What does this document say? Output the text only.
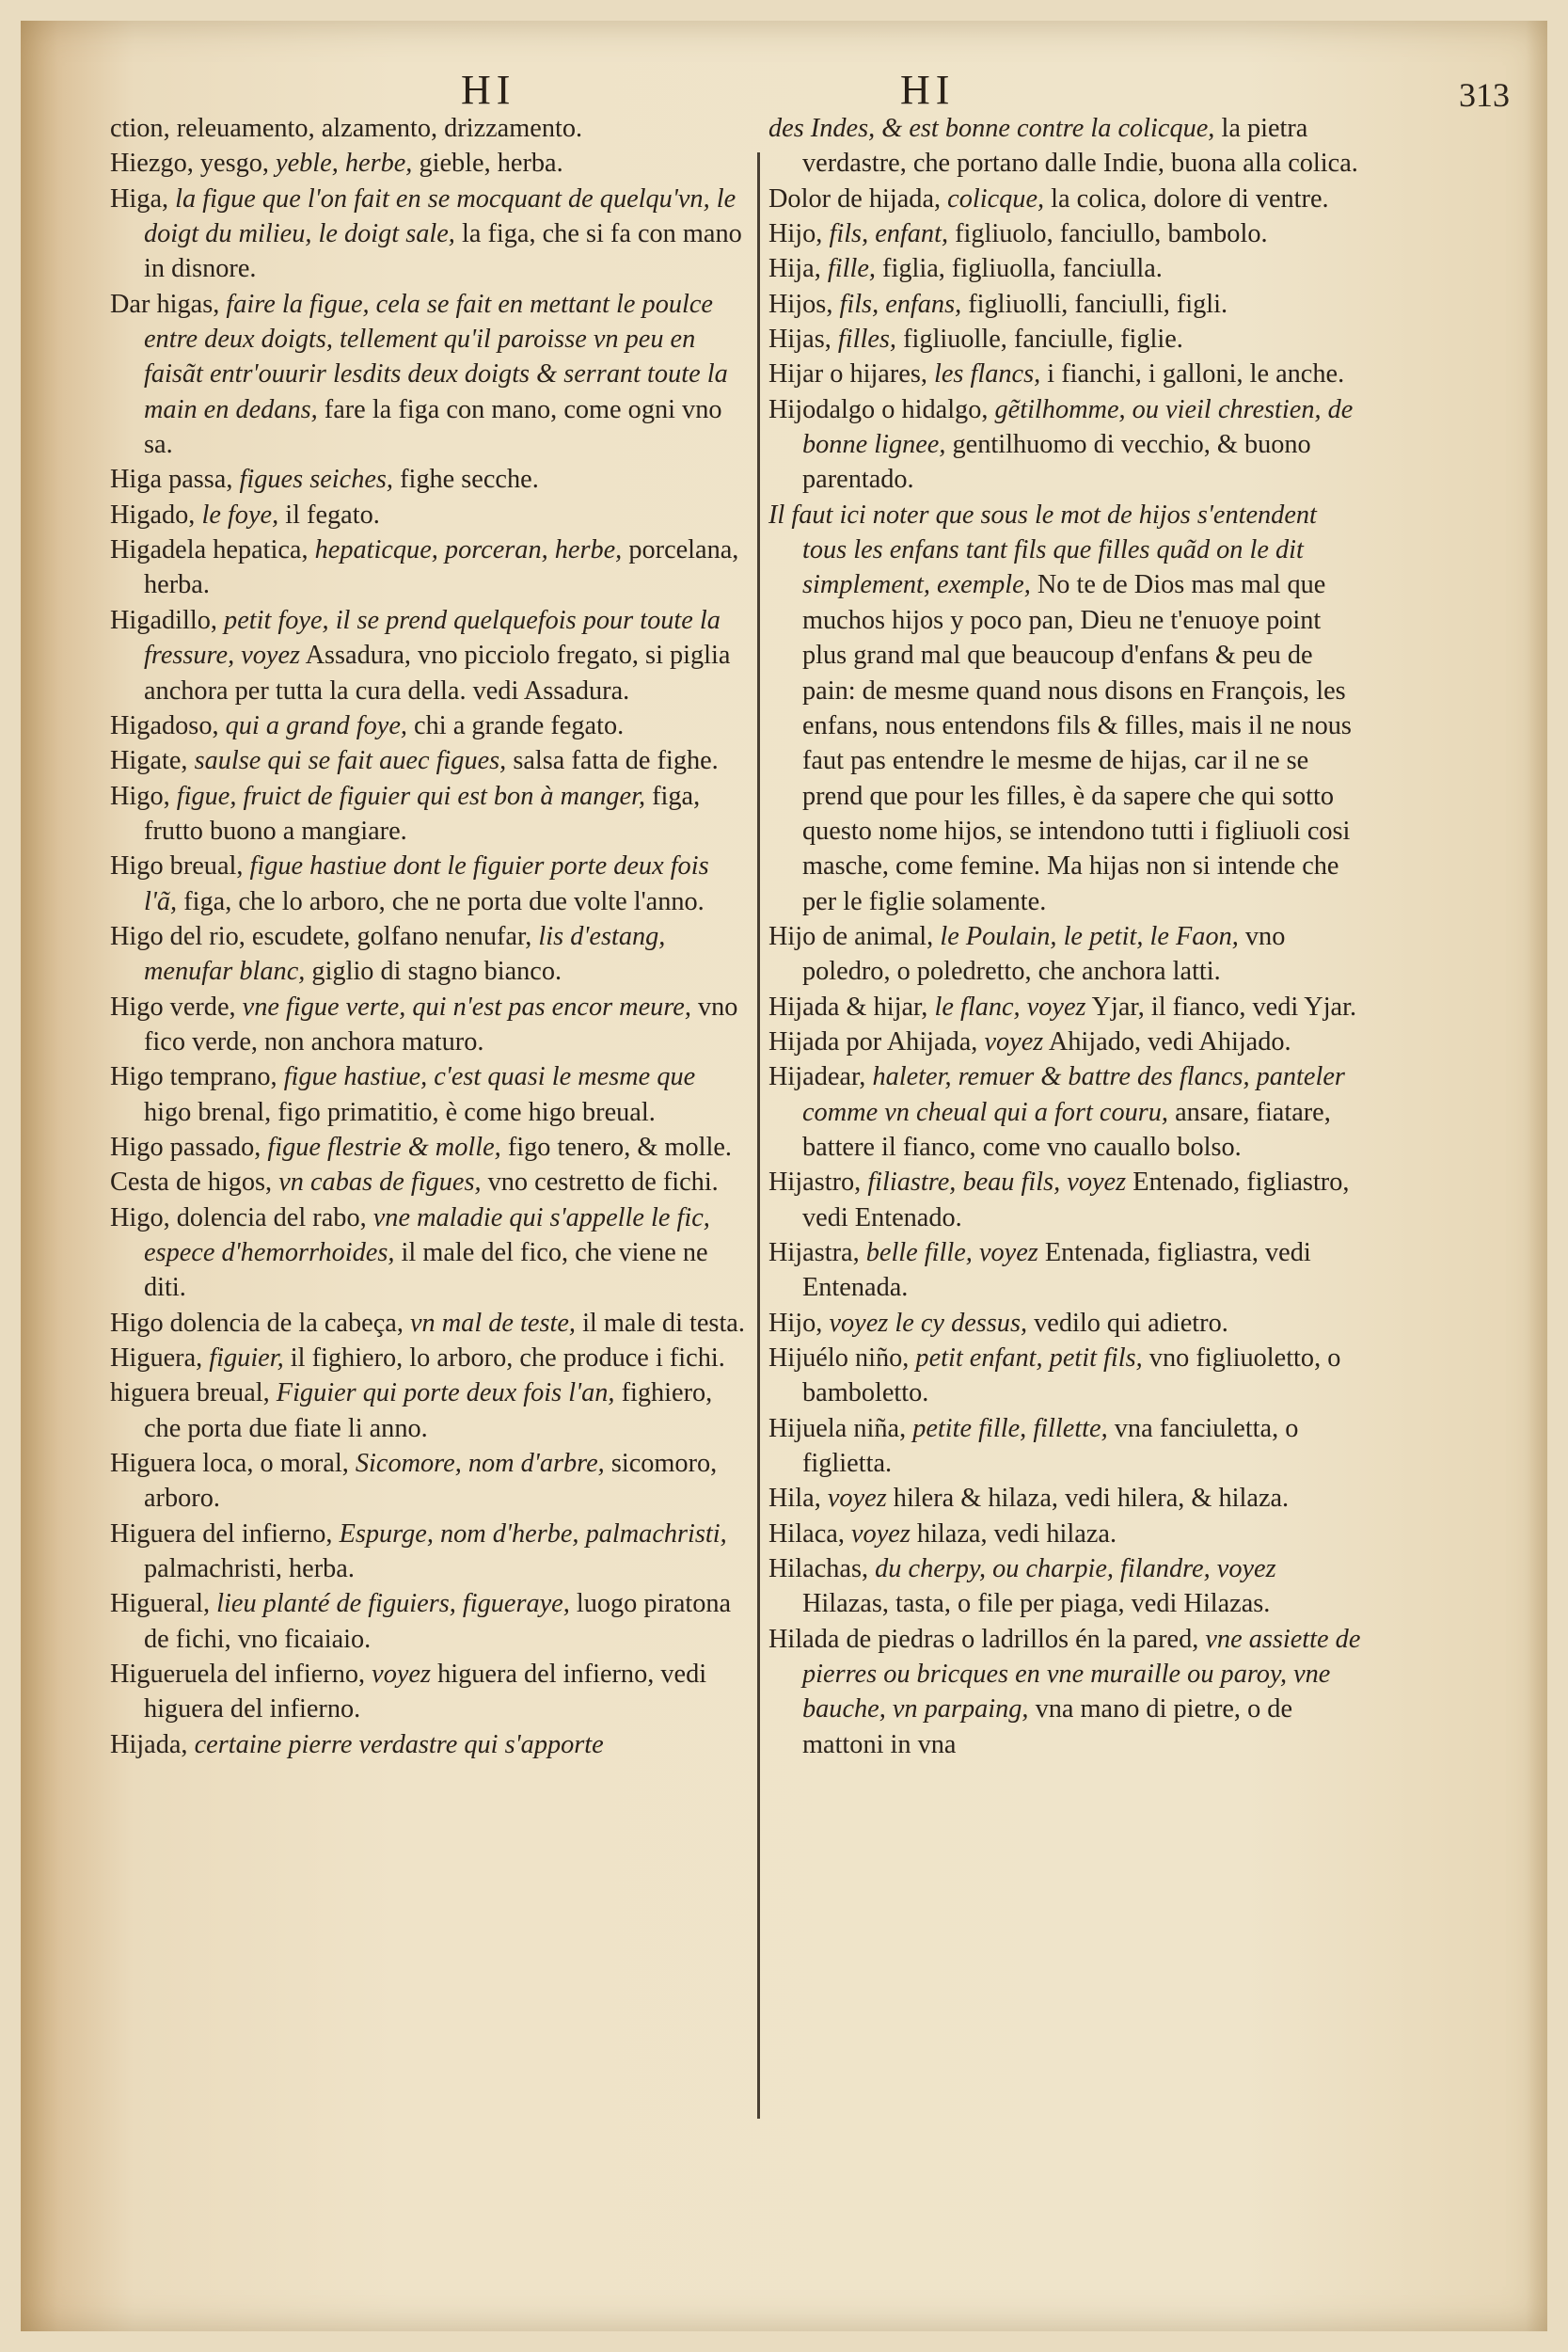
HI	HI	313

ction, releuamento, alzamento, drizzamento.

Hiezgo, yesgo, yeble, herbe, gieble, herba.

Higa, la figue que l'on fait en se mocquant de quelqu'vn, le doigt du milieu, le doigt sale, la figa, che si fa con mano in disnore.

Dar higas, faire la figue, cela se fait en mettant le poulce entre deux doigts, tellement qu'il paroisse vn peu en faisãt entr'ouurir lesdits deux doigts & serrant toute la main en dedans, fare la figa con mano, come ogni vno sa.

Higa passa, figues seiches, fighe secche.

Higado, le foye, il fegato.

Higadela hepatica, hepaticque, porceran, herbe, porcelana, herba.

Higadillo, petit foye, il se prend quelquefois pour toute la fressure, voyez Assadura, vno picciolo fregato, si piglia anchora per tutta la cura della. vedi Assadura.

Higadoso, qui a grand foye, chi a grande fegato.

Higate, saulse qui se fait auec figues, salsa fatta de fighe.

Higo, figue, fruict de figuier qui est bon à manger, figa, frutto buono a mangiare.

Higo breual, figue hastiue dont le figuier porte deux fois l'ã, figa, che lo arboro, che ne porta due volte l'anno.

Higo del rio, escudete, golfano nenufar, lis d'estang, menufar blanc, giglio di stagno bianco.

Higo verde, vne figue verte, qui n'est pas encor meure, vno fico verde, non anchora maturo.

Higo temprano, figue hastiue, c'est quasi le mesme que higo brenal, figo primatitio, è come higo breual.

Higo passado, figue flestrie & molle, figo tenero, & molle.

Cesta de higos, vn cabas de figues, vno cestretto de fichi.

Higo, dolencia del rabo, vne maladie qui s'appelle le fic, espece d'hemorrhoides, il male del fico, che viene ne diti.

Higo dolencia de la cabeça, vn mal de teste, il male di testa.

Higuera, figuier, il fighiero, lo arboro, che produce i fichi.

higuera breual, Figuier qui porte deux fois l'an, fighiero, che porta due fiate li anno.

Higuera loca, o moral, Sicomore, nom d'arbre, sicomoro, arboro.

Higuera del infierno, Espurge, nom d'herbe, palmachristi, palmachristi, herba.

Higueral, lieu planté de figuiers, figueraye, luogo piratona de fichi, vno ficaiaio.

Higueruela del infierno, voyez higuera del infierno, vedi higuera del infierno.

Hijada, certaine pierre verdastre qui s'apporte

des Indes, & est bonne contre la colicque, la pietra verdastre, che portano dalle Indie, buona alla colica.

Dolor de hijada, colicque, la colica, dolore di ventre.

Hijo, fils, enfant, figliuolo, fanciullo, bambolo.

Hija, fille, figlia, figliuolla, fanciulla.

Hijos, fils, enfans, figliuolli, fanciulli, figli.

Hijas, filles, figliuolle, fanciulle, figlie.

Hijar o hijares, les flancs, i fianchi, i galloni, le anche.

Hijodalgo o hidalgo, gẽtilhomme, ou vieil chrestien, de bonne lignee, gentilhuomo di vecchio, & buono parentado.

Il faut ici noter que sous le mot de hijos s'entendent tous les enfans tant fils que filles quãd on le dit simplement, exemple, No te de Dios mas mal que muchos hijos y poco pan, Dieu ne t'enuoye point plus grand mal que beaucoup d'enfans & peu de pain: de mesme quand nous disons en François, les enfans, nous entendons fils & filles, mais il ne nous faut pas entendre le mesme de hijas, car il ne se prend que pour les filles, è da sapere che qui sotto questo nome hijos, se intendono tutti i figliuoli cosi masche, come femine. Ma hijas non si intende che per le figlie solamente.

Hijo de animal, le Poulain, le petit, le Faon, vno poledro, o poledretto, che anchora latti.

Hijada & hijar, le flanc, voyez Yjar, il fianco, vedi Yjar.

Hijada por Ahijada, voyez Ahijado, vedi Ahijado.

Hijadear, haleter, remuer & battre des flancs, panteler comme vn cheual qui a fort couru, ansare, fiatare, battere il fianco, come vno cauallo bolso.

Hijastro, filiastre, beau fils, voyez Entenado, figliastro, vedi Entenado.

Hijastra, belle fille, voyez Entenada, figliastra, vedi Entenada.

Hijo, voyez le cy dessus, vedilo qui adietro.

Hijuélo niño, petit enfant, petit fils, vno figliuoletto, o bamboletto.

Hijuela niña, petite fille, fillette, vna fanciuletta, o figlietta.

Hila, voyez hilera & hilaza, vedi hilera, & hilaza.

Hilaca, voyez hilaza, vedi hilaza.

Hilachas, du cherpy, ou charpie, filandre, voyez Hilazas, tasta, o file per piaga, vedi Hilazas.

Hilada de piedras o ladrillos én la pared, vne assiette de pierres ou bricques en vne muraille ou paroy, vne bauche, vn parpaing, vna mano di pietre, o de mattoni in vna
